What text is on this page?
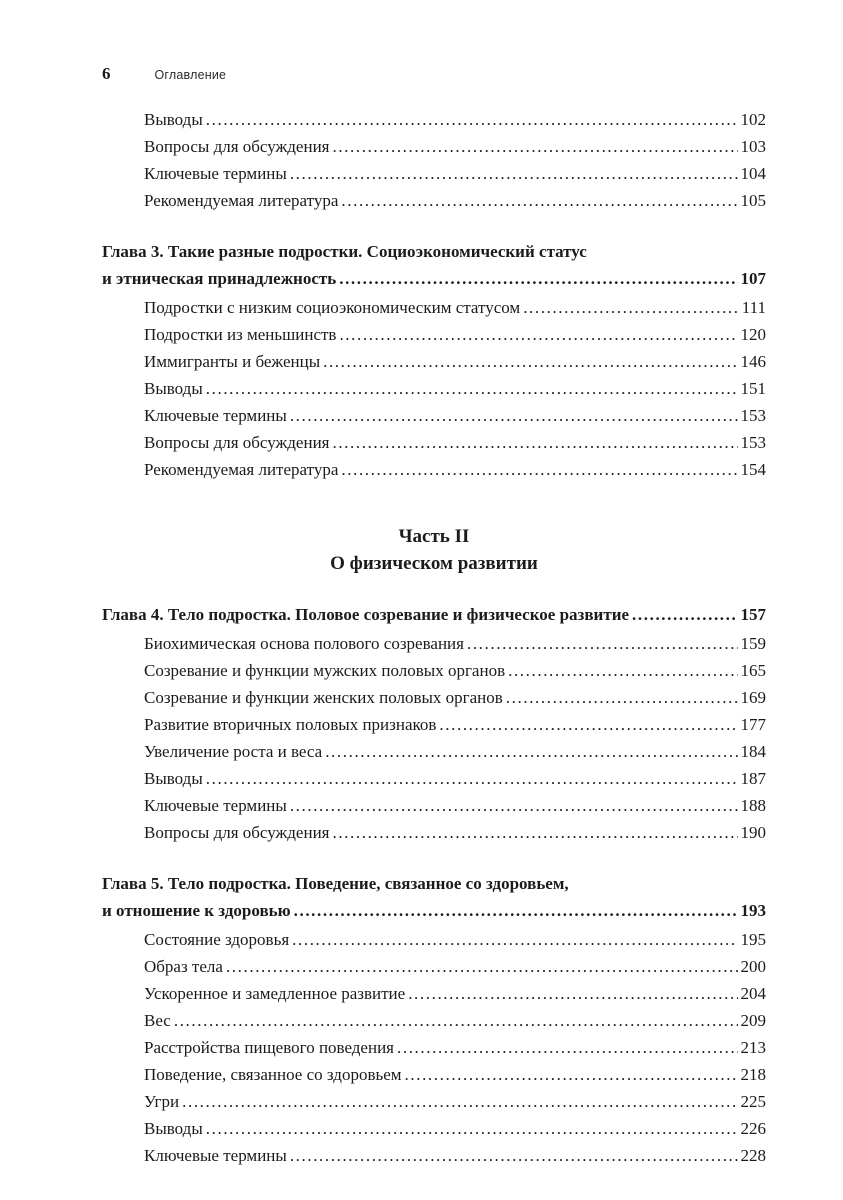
6	Оглавление
Выводы .....	102
Вопросы для обсуждения .....	103
Ключевые термины .....	104
Рекомендуемая литература .....	105
Глава 3. Такие разные подростки. Социоэкономический статус
и этническая принадлежность .....	107
Подростки с низким социоэкономическим статусом .....	111
Подростки из меньшинств .....	120
Иммигранты и беженцы .....	146
Выводы .....	151
Ключевые термины .....	153
Вопросы для обсуждения .....	153
Рекомендуемая литература .....	154
Часть II
О физическом развитии
Глава 4. Тело подростка. Половое созревание и физическое развитие .....	157
Биохимическая основа полового созревания .....	159
Созревание и функции мужских половых органов .....	165
Созревание и функции женских половых органов .....	169
Развитие вторичных половых признаков .....	177
Увеличение роста и веса .....	184
Выводы .....	187
Ключевые термины .....	188
Вопросы для обсуждения .....	190
Глава 5. Тело подростка. Поведение, связанное со здоровьем,
и отношение к здоровью .....	193
Состояние здоровья .....	195
Образ тела .....	200
Ускоренное и замедленное развитие .....	204
Вес .....	209
Расстройства пищевого поведения .....	213
Поведение, связанное со здоровьем .....	218
Угри .....	225
Выводы .....	226
Ключевые термины .....	228
